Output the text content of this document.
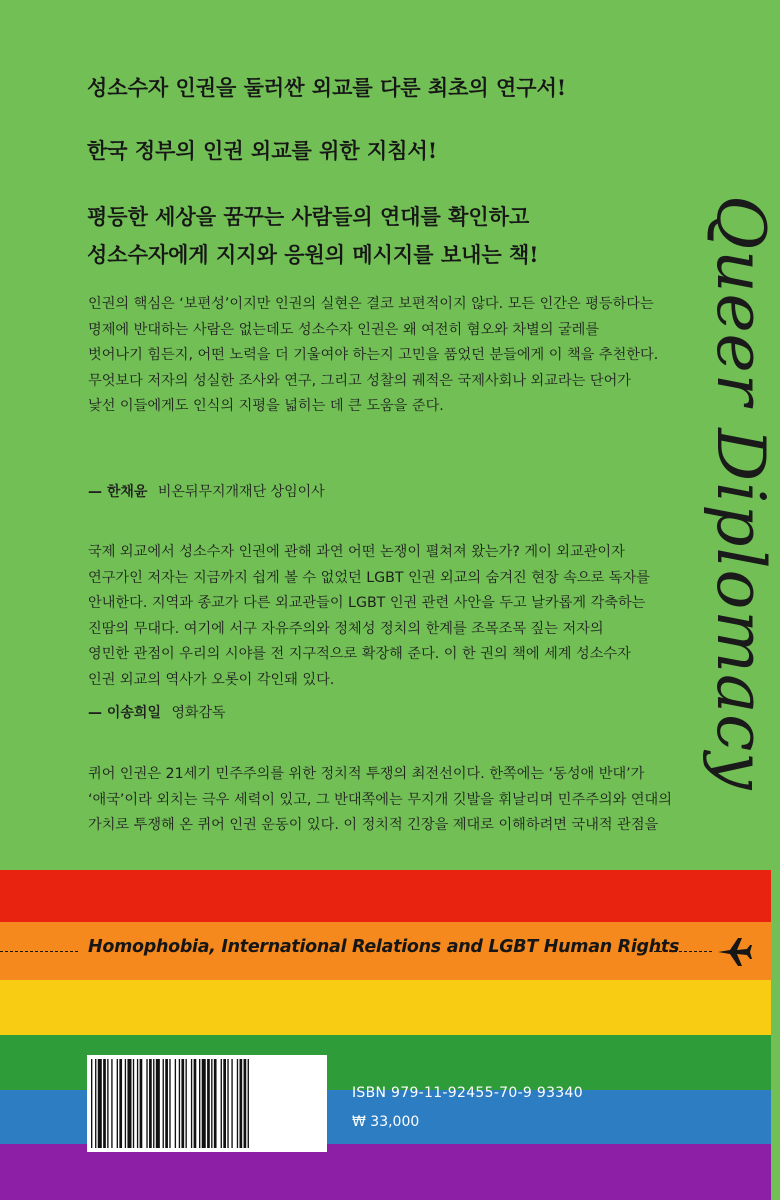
성소수자 인권을 둘러싼 외교를 다룬 최초의 연구서!
한국 정부의 인권 외교를 위한 지침서!
평등한 세상을 꿈꾸는 사람들의 연대를 확인하고
성소수자에게 지지와 응원의 메시지를 보내는 책! Queer Diplomacy

인권의 핵심은 ‘보편성’이지만 인권의 실현은 결코 보편적이지 않다. 모든 인간은 평등하다는

명제에 반대하는 사람은 없는데도 성소수자 인권은 왜 여전히 혐오와 차별의 굴레를

벗어나기 힘든지, 어떤 노력을 더 기울여야 하는지 고민을 품었던 분들에게 이 책을 추천한다.

무엇보다 저자의 성실한 조사와 연구, 그리고 성찰의 궤적은 국제사회나 외교라는 단어가

낯선 이들에게도 인식의 지평을 넓히는 데 큰 도움을 준다.

— 한채윤 비온뒤무지개재단 상임이사

국제 외교에서 성소수자 인권에 관해 과연 어떤 논쟁이 펼쳐져 왔는가? 게이 외교관이자

연구가인 저자는 지금까지 쉽게 볼 수 없었던 LGBT 인권 외교의 숨겨진 현장 속으로 독자를

안내한다. 지역과 종교가 다른 외교관들이 LGBT 인권 관련 사안을 두고 날카롭게 각축하는

진땀의 무대다. 여기에 서구 자유주의와 정체성 정치의 한계를 조목조목 짚는 저자의

영민한 관점이 우리의 시야를 전 지구적으로 확장해 준다. 이 한 권의 책에 세계 성소수자

인권 외교의 역사가 오롯이 각인돼 있다.

— 이송희일 영화감독

퀴어 인권은 21세기 민주주의를 위한 정치적 투쟁의 최전선이다. 한쪽에는 ‘동성애 반대’가

‘애국’이라 외치는 극우 세력이 있고, 그 반대쪽에는 무지개 깃발을 휘날리며 민주주의와 연대의

가치로 투쟁해 온 퀴어 인권 운동이 있다. 이 정치적 긴장을 제대로 이해하려면 국내적 관점을

Homophobia, International Relations and LGBT Human Rights
ISBN 979-11-92455-70-9 93340
₩ 33,000
